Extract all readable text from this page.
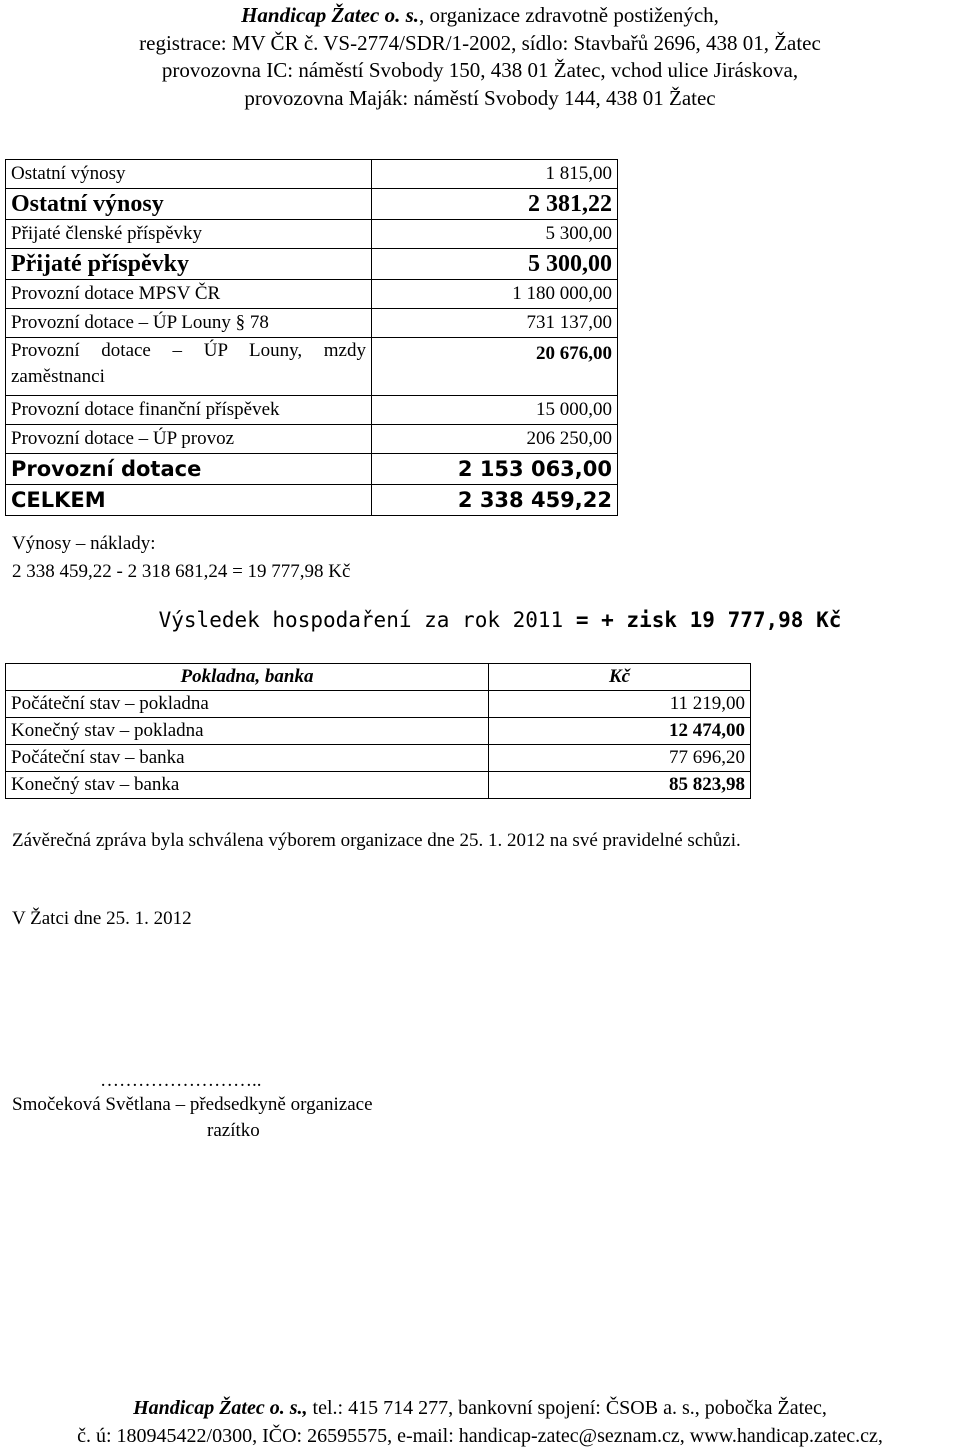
Handicap Žatec o. s., organizace zdravotně postižených,
registrace: MV ČR č. VS-2774/SDR/1-2002, sídlo: Stavbařů 2696, 438 01, Žatec
provozovna IC: náměstí Svobody 150, 438 01 Žatec, vchod ulice Jiráskova,
provozovna Maják: náměstí Svobody 144, 438 01 Žatec
Ostatní výnosy	1 815,00
Ostatní výnosy	2 381,22
Přijaté členské příspěvky	5 300,00
Přijaté příspěvky	5 300,00
Provozní dotace MPSV ČR	1 180 000,00
Provozní dotace – ÚP Louny § 78	731 137,00
Provozní dotace – ÚP Louny, mzdy zaměstnanci	20 676,00
Provozní dotace finanční příspěvek	15 000,00
Provozní dotace – ÚP provoz	206 250,00
Provozní dotace	2 153 063,00
CELKEM	2 338 459,22
Výnosy – náklady:
2 338 459,22 - 2 318 681,24 = 19 777,98 Kč
Výsledek hospodaření za rok 2011 = + zisk 19 777,98 Kč
Pokladna, banka	Kč
Počáteční stav – pokladna	11 219,00
Konečný stav – pokladna	12 474,00
Počáteční stav – banka	77 696,20
Konečný stav – banka	85 823,98
Závěrečná zpráva byla schválena výborem organizace dne 25. 1. 2012 na své pravidelné schůzi.
V Žatci dne 25. 1. 2012
……………………..
Smočeková Světlana – předsedkyně organizace
razítko
Handicap Žatec o. s., tel.: 415 714 277, bankovní spojení: ČSOB a. s., pobočka Žatec,
č. ú: 180945422/0300, IČO: 26595575, e-mail: handicap-zatec@seznam.cz, www.handicap.zatec.cz,
